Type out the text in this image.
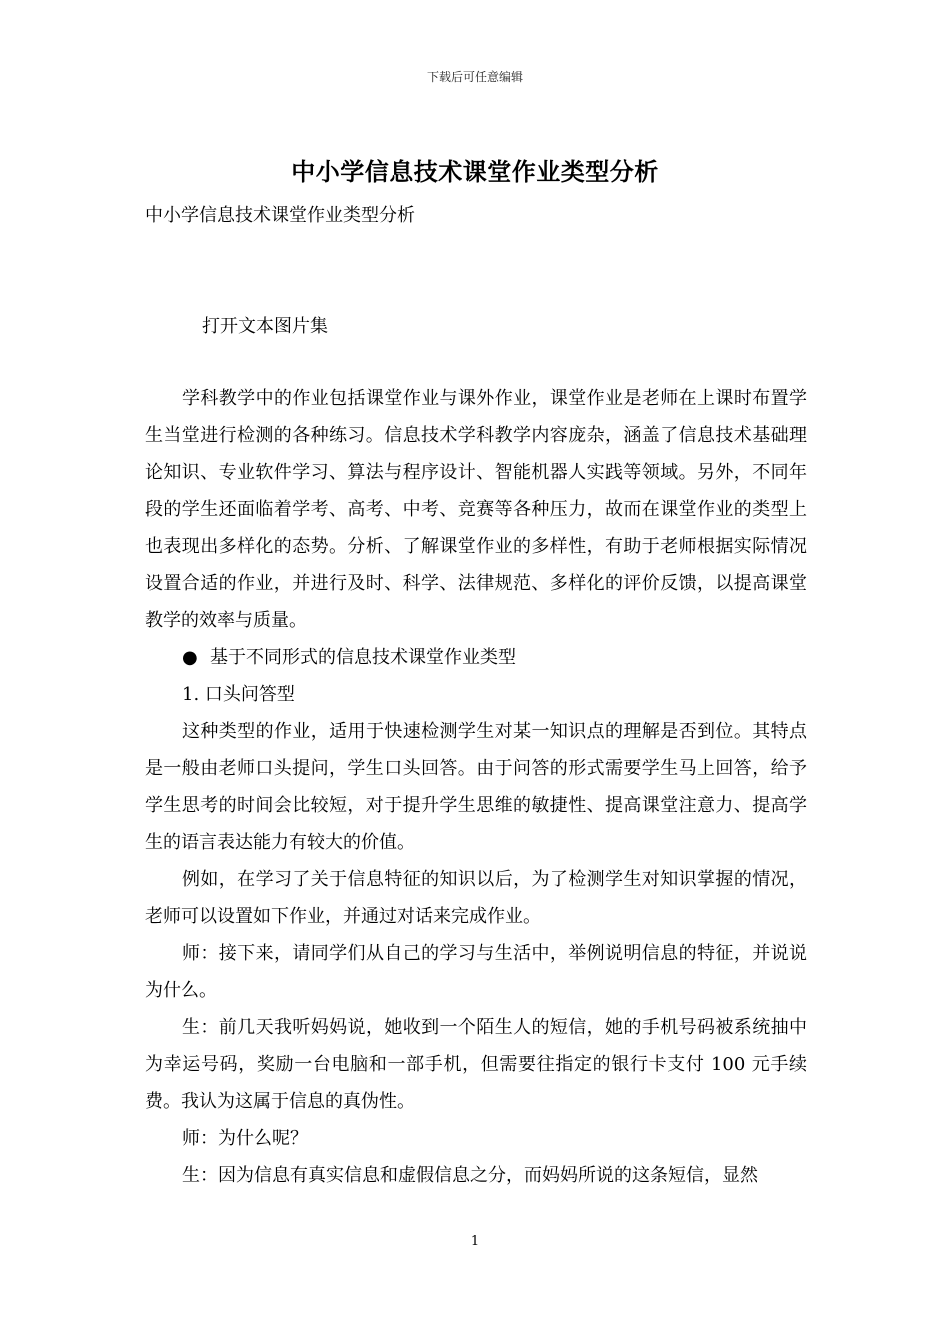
下载后可任意编辑
中小学信息技术课堂作业类型分析
中小学信息技术课堂作业类型分析
打开文本图片集

学科教学中的作业包括课堂作业与课外作业，课堂作业是老师在上课时布置学生当堂进行检测的各种练习。信息技术学科教学内容庞杂，涵盖了信息技术基础理论知识、专业软件学习、算法与程序设计、智能机器人实践等领域。另外，不同年段的学生还面临着学考、高考、中考、竞赛等各种压力，故而在课堂作业的类型上也表现出多样化的态势。分析、了解课堂作业的多样性，有助于老师根据实际情况设置合适的作业，并进行及时、科学、法律规范、多样化的评价反馈，以提高课堂教学的效率与质量。

● 基于不同形式的信息技术课堂作业类型

1. 口头问答型

这种类型的作业，适用于快速检测学生对某一知识点的理解是否到位。其特点是一般由老师口头提问，学生口头回答。由于问答的形式需要学生马上回答，给予学生思考的时间会比较短，对于提升学生思维的敏捷性、提高课堂注意力、提高学生的语言表达能力有较大的价值。

例如，在学习了关于信息特征的知识以后，为了检测学生对知识掌握的情况，老师可以设置如下作业，并通过对话来完成作业。

师：接下来，请同学们从自己的学习与生活中，举例说明信息的特征，并说说为什么。

生：前几天我听妈妈说，她收到一个陌生人的短信，她的手机号码被系统抽中为幸运号码，奖励一台电脑和一部手机，但需要往指定的银行卡支付 100 元手续费。我认为这属于信息的真伪性。

师：为什么呢？

生：因为信息有真实信息和虚假信息之分，而妈妈所说的这条短信，显然

1
